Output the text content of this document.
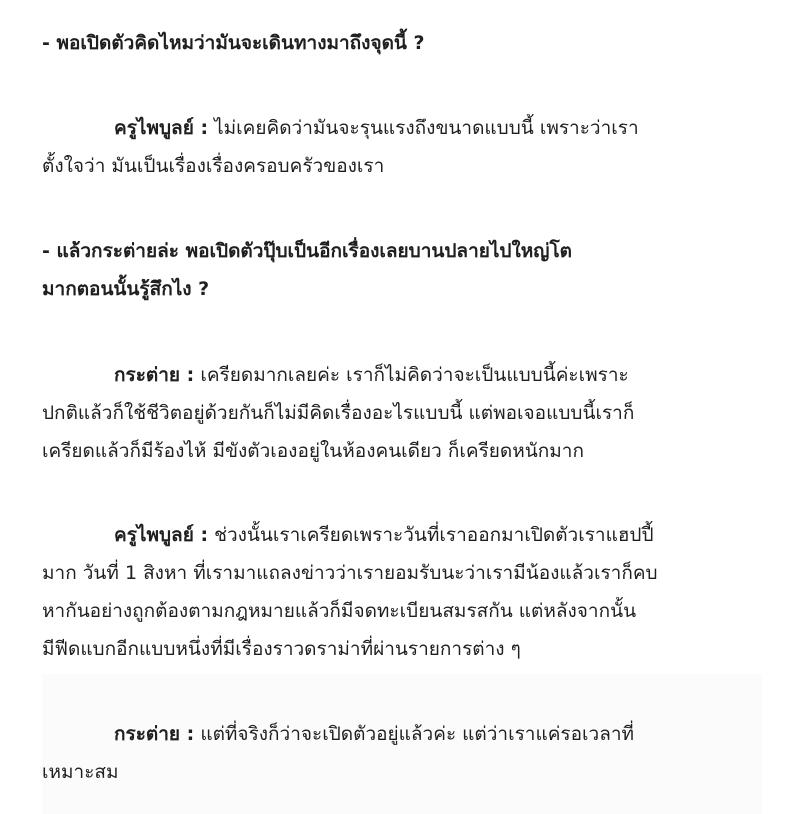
- พอเปิดตัวคิดไหมว่ามันจะเดินทางมาถึงจุดนี้ ?

ครูไพบูลย์ : ไม่เคยคิดว่ามันจะรุนแรงถึงขนาดแบบนี้ เพราะว่าเรา
ตั้งใจว่า มันเป็นเรื่องเรื่องครอบครัวของเรา

- แล้วกระต่ายล่ะ พอเปิดตัวปุ๊บเป็นอีกเรื่องเลยบานปลายไปใหญ่โต
มากตอนนั้นรู้สึกไง ?

กระต่าย : เครียดมากเลยค่ะ เราก็ไม่คิดว่าจะเป็นแบบนี้ค่ะเพราะ
ปกติแล้วก็ใช้ชีวิตอยู่ด้วยกันก็ไม่มีคิดเรื่องอะไรแบบนี้ แต่พอเจอแบบนี้เราก็
เครียดแล้วก็มีร้องไห้ มีขังตัวเองอยู่ในห้องคนเดียว ก็เครียดหนักมาก

ครูไพบูลย์ : ช่วงนั้นเราเครียดเพราะวันที่เราออกมาเปิดตัวเราแฮปปี้
มาก วันที่ 1 สิงหา ที่เรามาแถลงข่าวว่าเรายอมรับนะว่าเรามีน้องแล้วเราก็คบ
หากันอย่างถูกต้องตามกฎหมายแล้วก็มีจดทะเบียนสมรสกัน แต่หลังจากนั้น
มีฟีดแบกอีกแบบหนึ่งที่มีเรื่องราวดราม่าที่ผ่านรายการต่าง ๆ

กระต่าย : แต่ที่จริงก็ว่าจะเปิดตัวอยู่แล้วค่ะ แต่ว่าเราแค่รอเวลาที่
เหมาะสม
